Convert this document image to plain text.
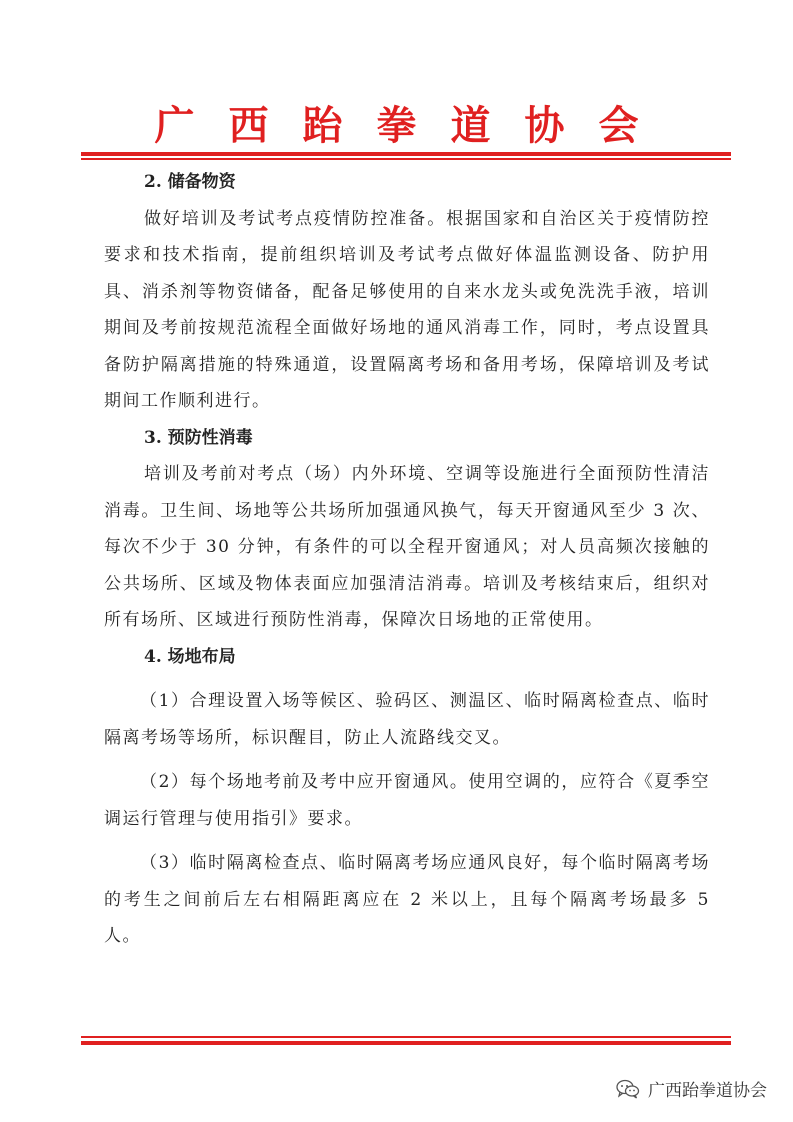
广西跆拳道协会

2. 储备物资

做好培训及考试考点疫情防控准备。根据国家和自治区关于疫情防控要求和技术指南，提前组织培训及考试考点做好体温监测设备、防护用具、消杀剂等物资储备，配备足够使用的自来水龙头或免洗洗手液，培训期间及考前按规范流程全面做好场地的通风消毒工作，同时，考点设置具备防护隔离措施的特殊通道，设置隔离考场和备用考场，保障培训及考试期间工作顺利进行。

3. 预防性消毒

培训及考前对考点（场）内外环境、空调等设施进行全面预防性清洁消毒。卫生间、场地等公共场所加强通风换气，每天开窗通风至少 3 次、每次不少于 30 分钟，有条件的可以全程开窗通风；对人员高频次接触的公共场所、区域及物体表面应加强清洁消毒。培训及考核结束后，组织对所有场所、区域进行预防性消毒，保障次日场地的正常使用。

4. 场地布局

（1）合理设置入场等候区、验码区、测温区、临时隔离检查点、临时隔离考场等场所，标识醒目，防止人流路线交叉。

（2）每个场地考前及考中应开窗通风。使用空调的，应符合《夏季空调运行管理与使用指引》要求。

（3）临时隔离检查点、临时隔离考场应通风良好，每个临时隔离考场的考生之间前后左右相隔距离应在 2 米以上，且每个隔离考场最多 5 人。

广西跆拳道协会
